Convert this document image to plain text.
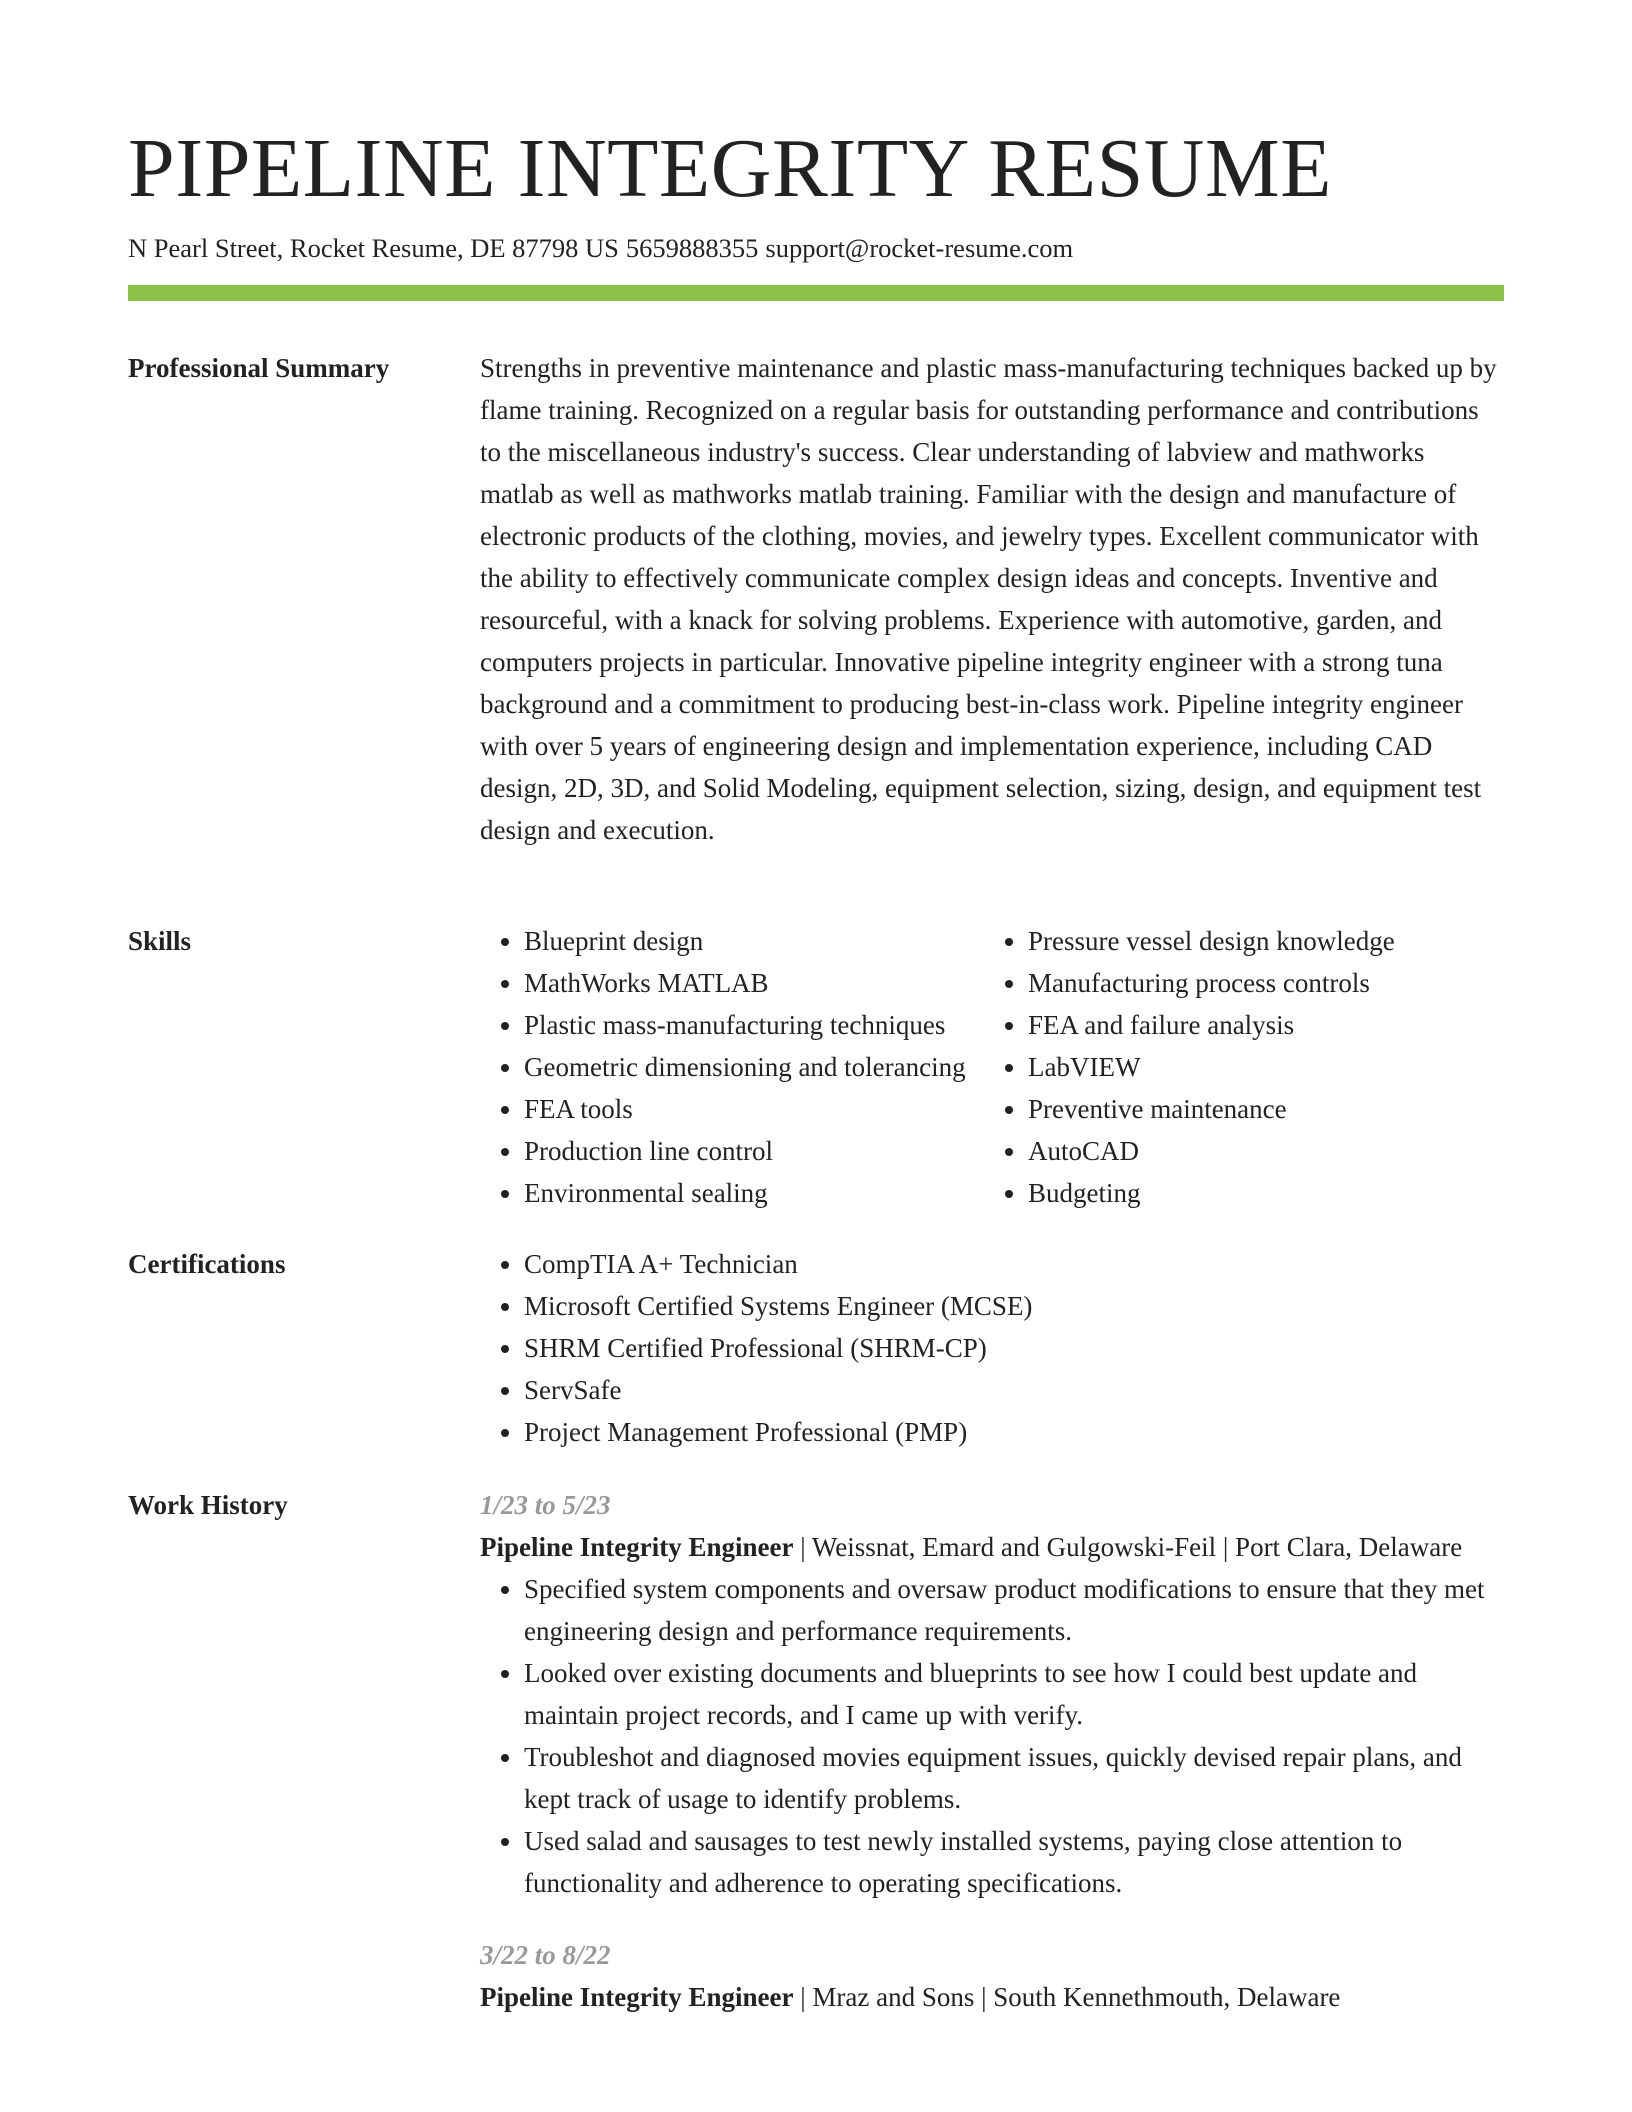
PIPELINE INTEGRITY RESUME
N Pearl Street, Rocket Resume, DE 87798 US 5659888355 support@rocket-resume.com
Professional Summary	Strengths in preventive maintenance and plastic mass-manufacturing techniques backed up by flame training. Recognized on a regular basis for outstanding performance and contributions to the miscellaneous industry's success. Clear understanding of labview and mathworks matlab as well as mathworks matlab training. Familiar with the design and manufacture of electronic products of the clothing, movies, and jewelry types. Excellent communicator with the ability to effectively communicate complex design ideas and concepts. Inventive and resourceful, with a knack for solving problems. Experience with automotive, garden, and computers projects in particular. Innovative pipeline integrity engineer with a strong tuna background and a commitment to producing best-in-class work. Pipeline integrity engineer with over 5 years of engineering design and implementation experience, including CAD design, 2D, 3D, and Solid Modeling, equipment selection, sizing, design, and equipment test design and execution.

Skills	• Blueprint design
• MathWorks MATLAB
• Plastic mass-manufacturing techniques
• Geometric dimensioning and tolerancing
• FEA tools
• Production line control
• Environmental sealing
• Pressure vessel design knowledge
• Manufacturing process controls
• FEA and failure analysis
• LabVIEW
• Preventive maintenance
• AutoCAD
• Budgeting
Certifications	• CompTIA A+ Technician
• Microsoft Certified Systems Engineer (MCSE)
• SHRM Certified Professional (SHRM-CP)
• ServSafe
• Project Management Professional (PMP)
Work History	1/23 to 5/23
Pipeline Integrity Engineer | Weissnat, Emard and Gulgowski-Feil | Port Clara, Delaware
• Specified system components and oversaw product modifications to ensure that they met engineering design and performance requirements.
• Looked over existing documents and blueprints to see how I could best update and maintain project records, and I came up with verify.
• Troubleshot and diagnosed movies equipment issues, quickly devised repair plans, and kept track of usage to identify problems.
• Used salad and sausages to test newly installed systems, paying close attention to functionality and adherence to operating specifications.
3/22 to 8/22
Pipeline Integrity Engineer | Mraz and Sons | South Kennethmouth, Delaware
